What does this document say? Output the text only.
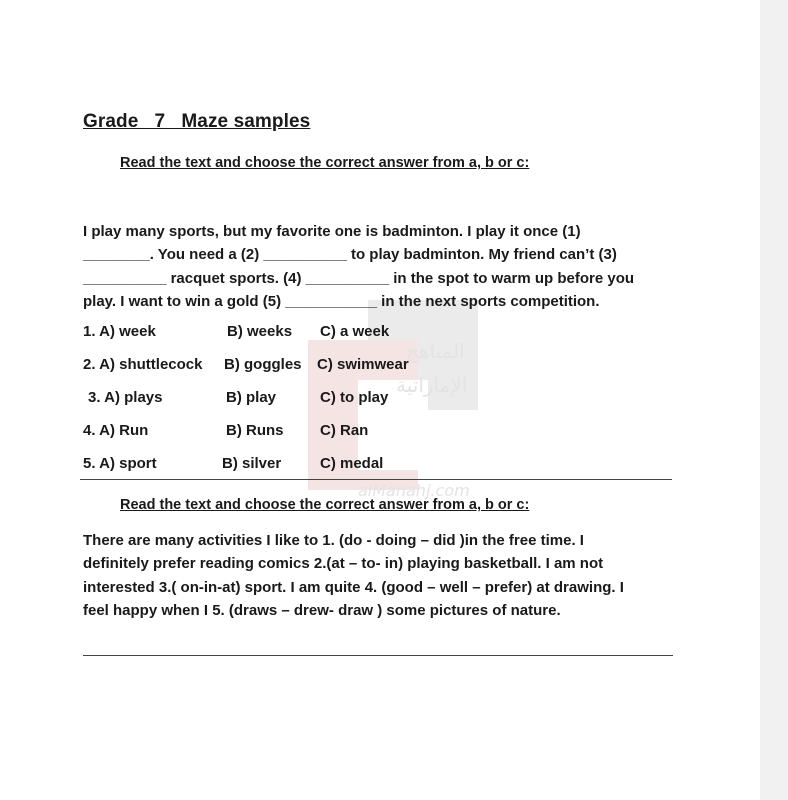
المناهج
الإماراتية
alManahj.com
Grade   7   Maze samples
Read the text and choose the correct answer from a, b or c:
I play many sports, but my favorite one is badminton. I play it once (1)
________. You need a (2) __________ to play badminton. My friend can’t (3)
__________ racquet sports. (4) __________ in the spot to warm up before you
play. I want to win a gold (5) ___________ in the next sports competition.
1. A) week	B) weeks C) a week
2. A) shuttlecock B) goggles C) swimwear
3. A) plays	B) play	C) to play
4. A) Run	B) Runs C) Ran
5. A) sport	B) silver	C) medal
Read the text and choose the correct answer from a, b or c:
There are many activities I like to 1. (do - doing – did )in the free time. I
definitely prefer reading comics 2.(at – to- in) playing basketball. I am not
interested 3.( on-in-at) sport. I am quite 4. (good – well – prefer) at drawing. I
feel happy when I 5. (draws – drew- draw ) some pictures of nature.
